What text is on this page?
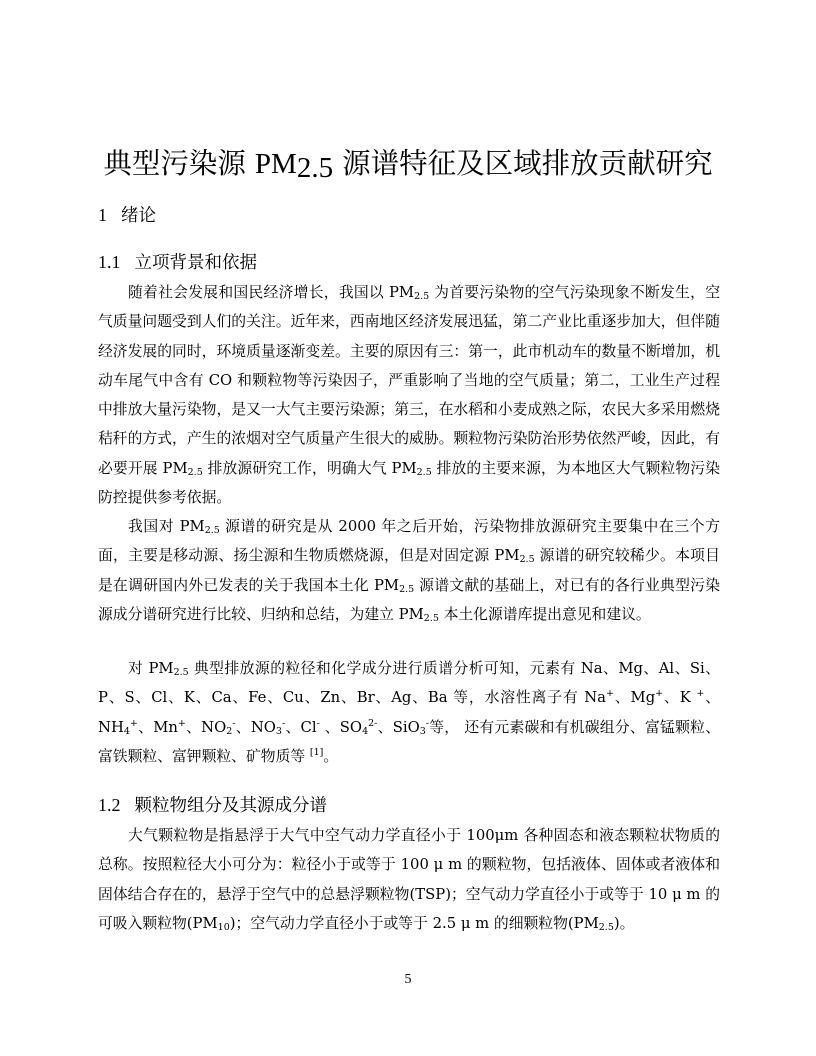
典型污染源 $PM_{2.5}$ 源谱特征及区域排放贡献研究
1 绪论
1.1 立项背景和依据

随着社会发展和国民经济增长，我国以 $PM_{2.5}$ 为首要污染物的空气污染现象不断发生，空气质量问题受到人们的关注。近年来，西南地区经济发展迅猛，第二产业比重逐步加大，但伴随经济发展的同时，环境质量逐渐变差。主要的原因有三：第一，此市机动车的数量不断增加，机动车尾气中含有 CO 和颗粒物等污染因子，严重影响了当地的空气质量；第二，工业生产过程中排放大量污染物，是又一大气主要污染源；第三，在水稻和小麦成熟之际，农民大多采用燃烧秸秆的方式，产生的浓烟对空气质量产生很大的威胁。颗粒物污染防治形势依然严峻，因此，有必要开展 $PM_{2.5}$ 排放源研究工作，明确大气 $PM_{2.5}$ 排放的主要来源，为本地区大气颗粒物污染防控提供参考依据。

我国对 $PM_{2.5}$ 源谱的研究是从 2000 年之后开始，污染物排放源研究主要集中在三个方面，主要是移动源、扬尘源和生物质燃烧源，但是对固定源 $PM_{2.5}$ 源谱的研究较稀少。本项目是在调研国内外已发表的关于我国本土化 $PM_{2.5}$ 源谱文献的基础上，对已有的各行业典型污染源成分谱研究进行比较、归纳和总结，为建立 $PM_{2.5}$ 本土化源谱库提出意见和建议。

对 $PM_{2.5}$ 典型排放源的粒径和化学成分进行质谱分析可知，元素有 Na、Mg、Al、Si、P、S、Cl、K、Ca、Fe、Cu、Zn、Br、Ag、Ba 等，水溶性离子有 Na+、Mg+、K +、$NH_4^+$、Mn+、$NO_2^-$、$NO_3^-$、Cl- 、$SO_4^{2-}$、SiO$_3$-等， 还有元素碳和有机碳组分、富锰颗粒、富铁颗粒、富钾颗粒、矿物质等 [1]。

1.2 颗粒物组分及其源成分谱

大气颗粒物是指悬浮于大气中空气动力学直径小于 100μm 各种固态和液态颗粒状物质的总称。按照粒径大小可分为：粒径小于或等于 100 μ m 的颗粒物，包括液体、固体或者液体和固体结合存在的，悬浮于空气中的总悬浮颗粒物(TSP)；空气动力学直径小于或等于 10 μ m 的可吸入颗粒物$(PM_{10})$；空气动力学直径小于或等于 2.5 μ m 的细颗粒物$(PM_{2.5})$。

5
